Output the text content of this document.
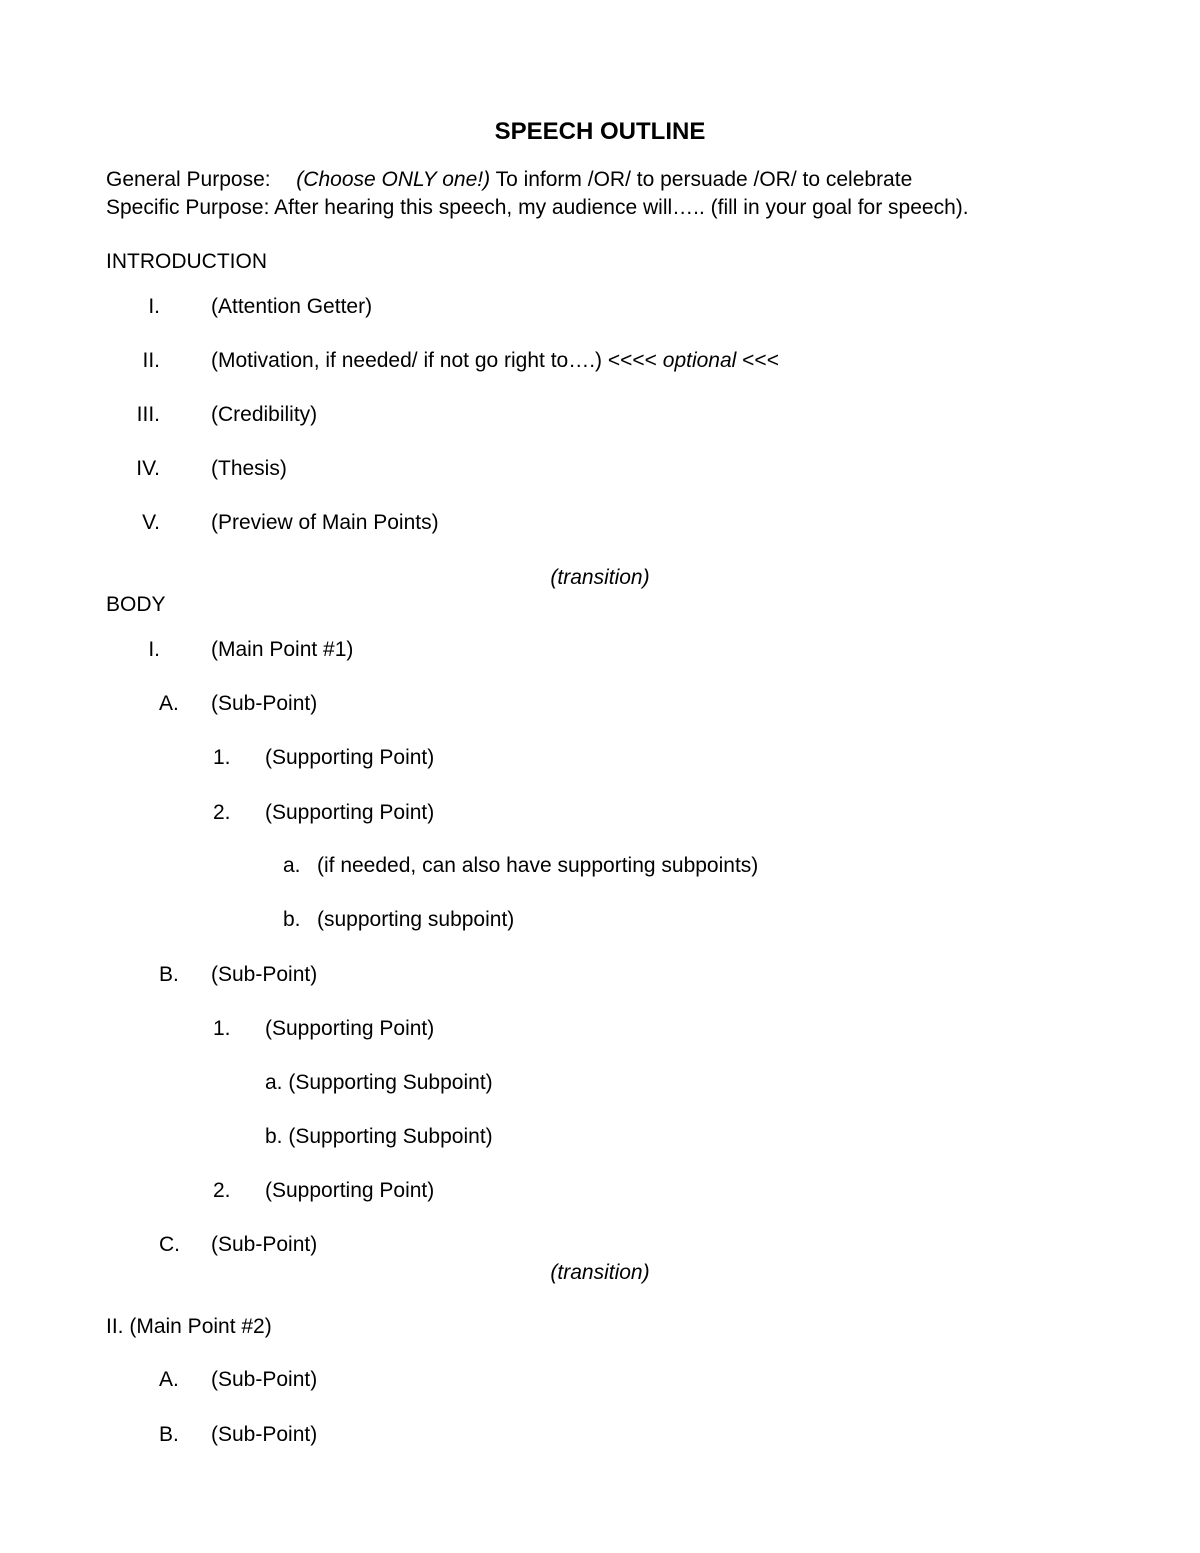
SPEECH OUTLINE
General Purpose: (Choose ONLY one!) To inform /OR/ to persuade /OR/ to celebrate
Specific Purpose: After hearing this speech, my audience will….. (fill in your goal for speech).
INTRODUCTION
I. (Attention Getter)
II. (Motivation, if needed/ if not go right to….) <<<< optional <<<
III. (Credibility)
IV. (Thesis)
V. (Preview of Main Points)
(transition)
BODY
I. (Main Point #1)
A. (Sub-Point)
1. (Supporting Point)
2. (Supporting Point)
a. (if needed, can also have supporting subpoints)
b. (supporting subpoint)
B. (Sub-Point)
1. (Supporting Point)
a. (Supporting Subpoint)
b. (Supporting Subpoint)
2. (Supporting Point)
C. (Sub-Point)
(transition)
II. (Main Point #2)
A. (Sub-Point)
B. (Sub-Point)
